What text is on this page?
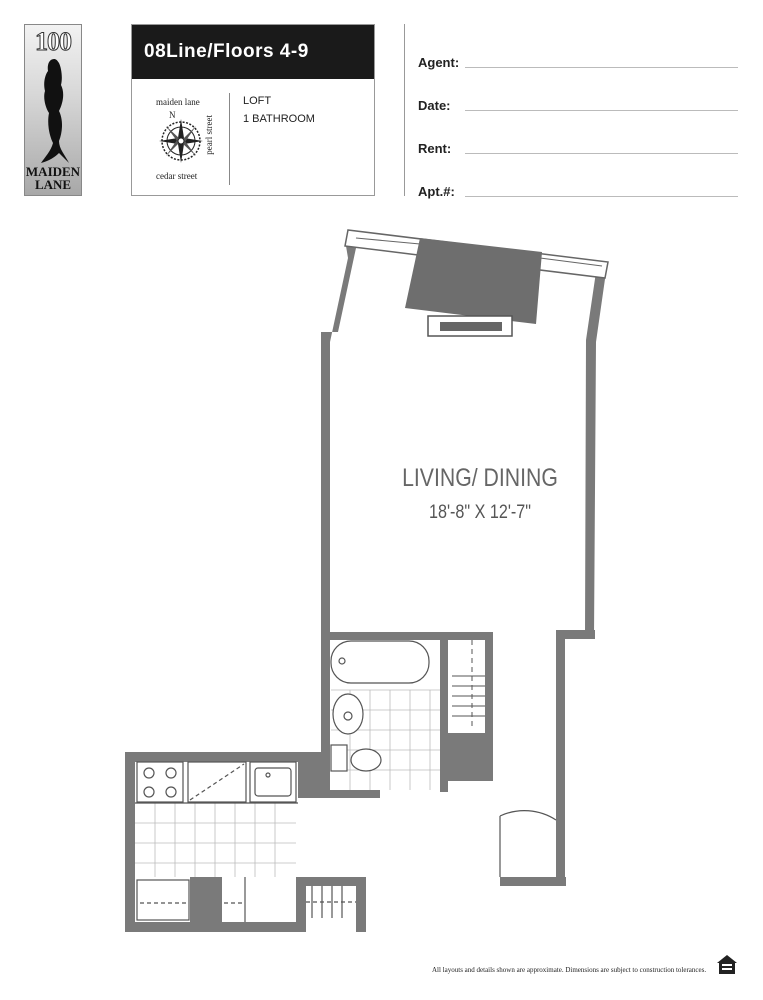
100
MAIDEN
LANE
08Line/Floors 4-9
maiden lane
N	pearl street
cedar street
LOFT
1 BATHROOM
Agent:
Date:
Rent:
Apt.#:
LIVING/ DINING
18'-8" X 12'-7"
All layouts and details shown are approximate. Dimensions are subject to construction tolerances.
